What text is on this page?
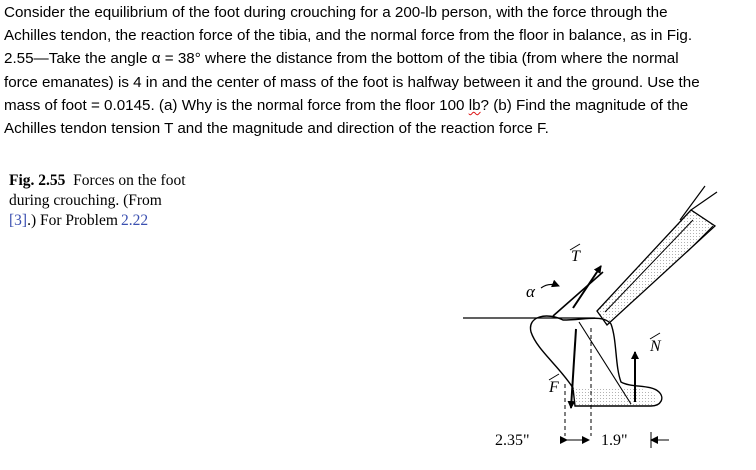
Consider the equilibrium of the foot during crouching for a 200-lb person, with the force through the
Achilles tendon, the reaction force of the tibia, and the normal force from the floor in balance, as in Fig.
2.55—Take the angle α = 38° where the distance from the bottom of the tibia (from where the normal
force emanates) is 4 in and the center of mass of the foot is halfway between it and the ground. Use the
mass of foot = 0.0145. (a) Why is the normal force from the floor 100 lb? (b) Find the magnitude of the
Achilles tendon tension T and the magnitude and direction of the reaction force F.
Fig. 2.55 Forces on the foot
during crouching. (From
[3].) For Problem 2.22
α
T
N
F
2.35"	1.9"
